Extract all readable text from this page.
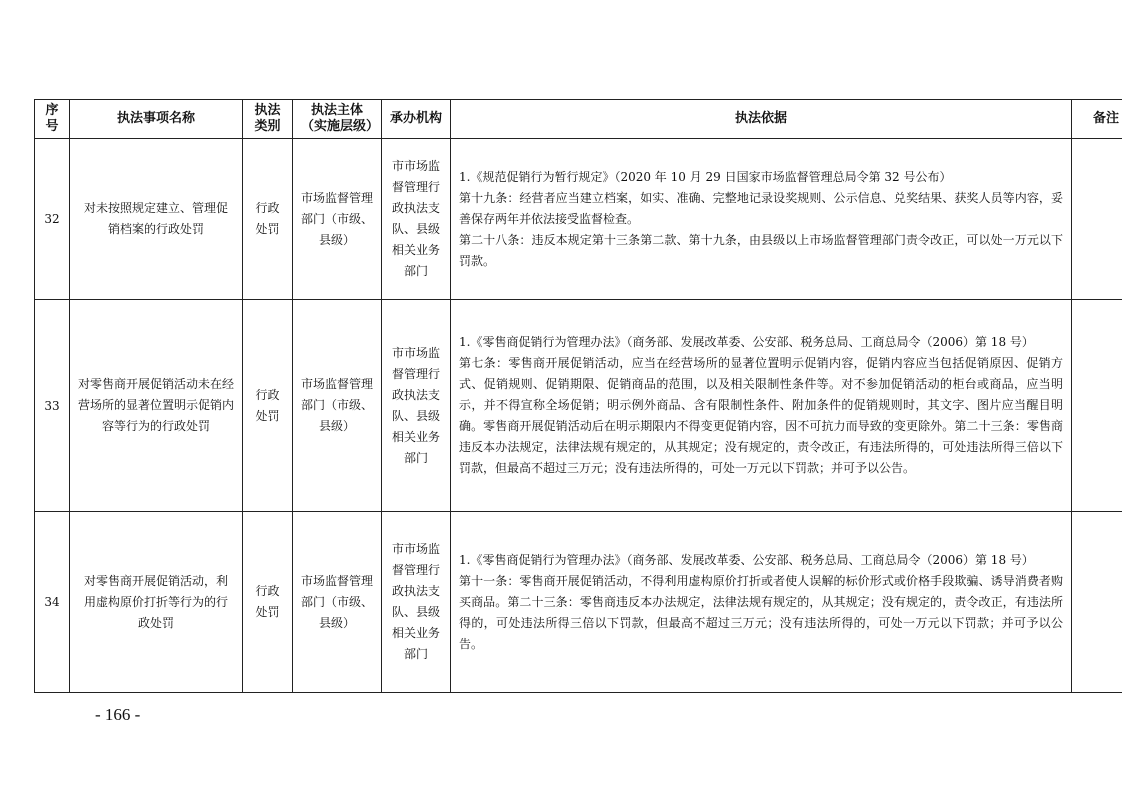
序号	执法事项名称	执法类别	执法主体（实施层级）	承办机构	执法依据	备注
32	对未按照规定建立、管理促销档案的行政处罚	行政处罚	市场监督管理部门（市级、县级）	市市场监督管理行政执法支队、县级相关业务部门	1.《规范促销行为暂行规定》（2020 年 10 月 29 日国家市场监督管理总局令第 32 号公布）
第十九条：经营者应当建立档案，如实、准确、完整地记录设奖规则、公示信息、兑奖结果、获奖人员等内容，妥善保存两年并依法接受监督检查。
第二十八条：违反本规定第十三条第二款、第十九条，由县级以上市场监督管理部门责令改正，可以处一万元以下罚款。	

33	对零售商开展促销活动未在经营场所的显著位置明示促销内容等行为的行政处罚	行政处罚	市场监督管理部门（市级、县级）	市市场监督管理行政执法支队、县级相关业务部门	1.《零售商促销行为管理办法》（商务部、发展改革委、公安部、税务总局、工商总局令（2006）第 18 号）
第七条：零售商开展促销活动，应当在经营场所的显著位置明示促销内容，促销内容应当包括促销原因、促销方式、促销规则、促销期限、促销商品的范围，以及相关限制性条件等。对不参加促销活动的柜台或商品，应当明示，并不得宣称全场促销；明示例外商品、含有限制性条件、附加条件的促销规则时，其文字、图片应当醒目明确。零售商开展促销活动后在明示期限内不得变更促销内容，因不可抗力而导致的变更除外。第二十三条：零售商违反本办法规定，法律法规有规定的，从其规定；没有规定的，责令改正，有违法所得的，可处违法所得三倍以下罚款，但最高不超过三万元；没有违法所得的，可处一万元以下罚款；并可予以公告。	

34	对零售商开展促销活动，利用虚构原价打折等行为的行政处罚	行政处罚	市场监督管理部门（市级、县级）	市市场监督管理行政执法支队、县级相关业务部门	1.《零售商促销行为管理办法》（商务部、发展改革委、公安部、税务总局、工商总局令（2006）第 18 号）
第十一条：零售商开展促销活动，不得利用虚构原价打折或者使人误解的标价形式或价格手段欺骗、诱导消费者购买商品。第二十三条：零售商违反本办法规定，法律法规有规定的，从其规定；没有规定的，责令改正，有违法所得的，可处违法所得三倍以下罚款，但最高不超过三万元；没有违法所得的，可处一万元以下罚款；并可予以公告。	

- 166 -
